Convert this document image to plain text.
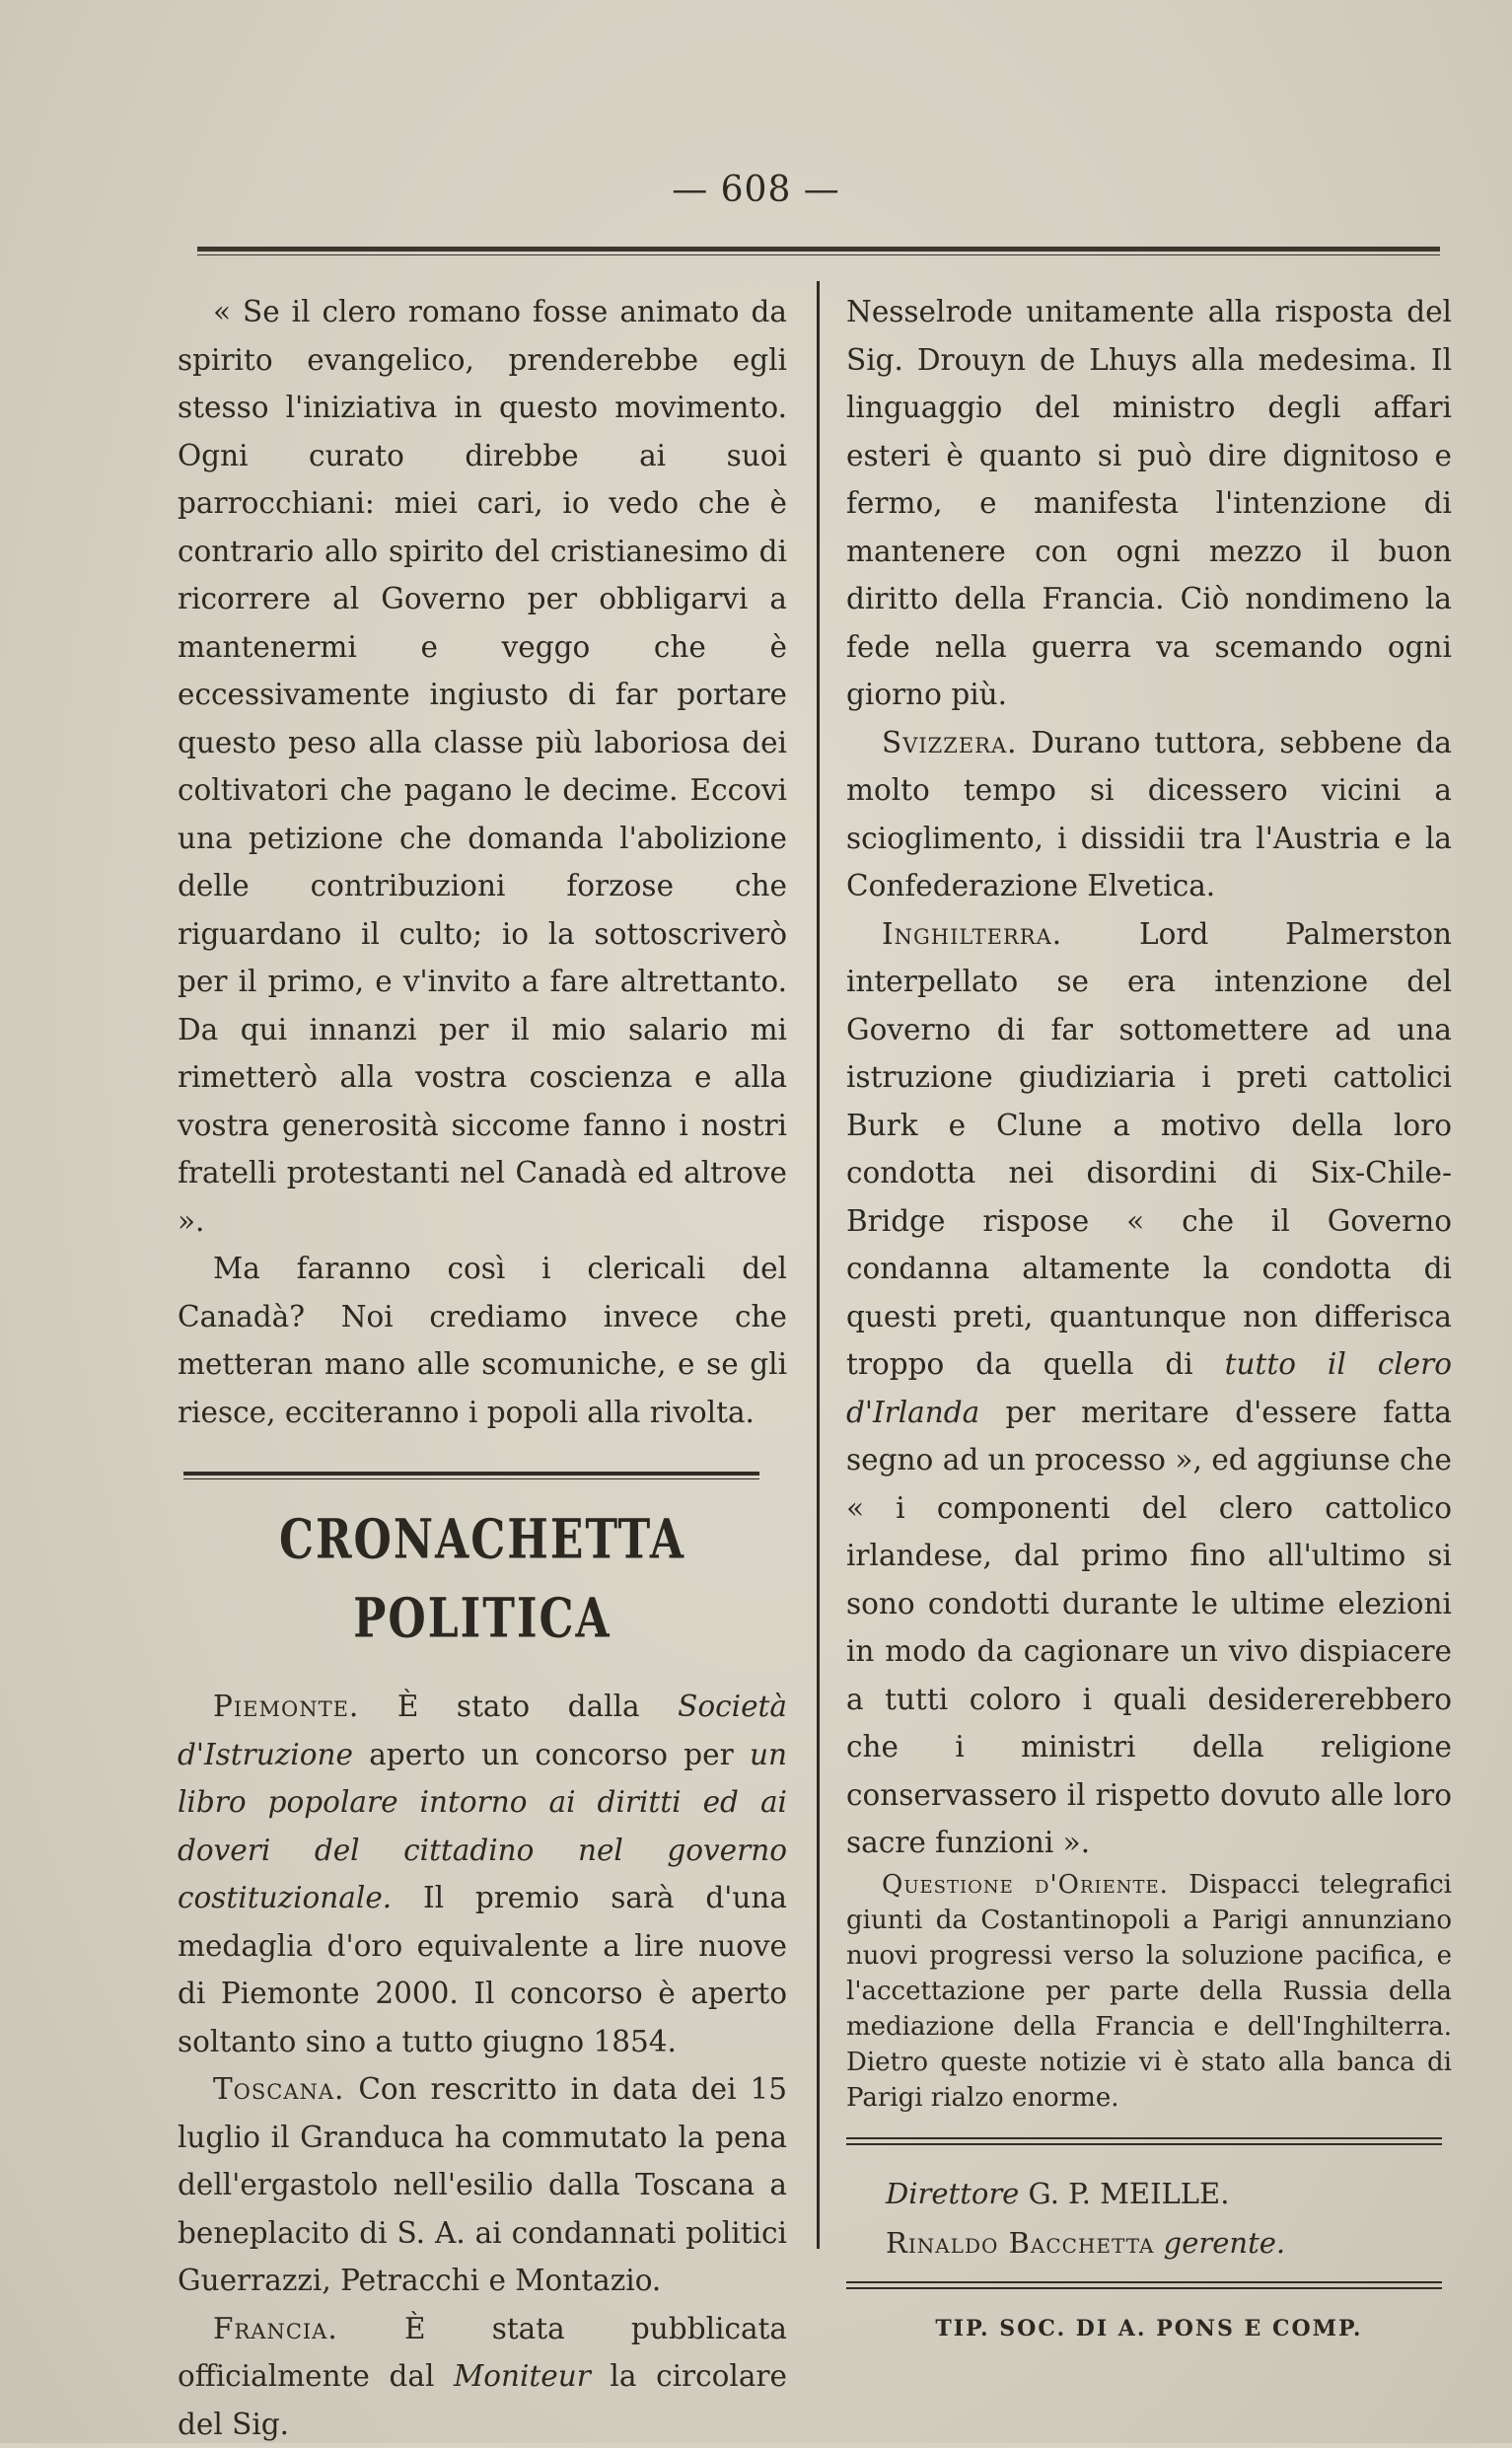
— 608 —

« Se il clero romano fosse animato da spirito evangelico, prenderebbe egli stesso l'iniziativa in questo movimento. Ogni curato direbbe ai suoi parrocchiani: miei cari, io vedo che è contrario allo spirito del cristianesimo di ricorrere al Governo per obbligarvi a mantenermi e veggo che è eccessivamente ingiusto di far portare questo peso alla classe più laboriosa dei coltivatori che pagano le decime. Eccovi una petizione che domanda l'abolizione delle contribuzioni forzose che riguardano il culto; io la sottoscriverò per il primo, e v'invito a fare altrettanto. Da qui innanzi per il mio salario mi rimetterò alla vostra coscienza e alla vostra generosità siccome fanno i nostri fratelli protestanti nel Canadà ed altrove ».

Ma faranno così i clericali del Canadà? Noi crediamo invece che metteran mano alle scomuniche, e se gli riesce, ecciteranno i popoli alla rivolta.

CRONACHETTA POLITICA

Piemonte. È stato dalla Società d'Istruzione aperto un concorso per un libro popolare intorno ai diritti ed ai doveri del cittadino nel governo costituzionale. Il premio sarà d'una medaglia d'oro equivalente a lire nuove di Piemonte 2000. Il concorso è aperto soltanto sino a tutto giugno 1854.

Toscana. Con rescritto in data dei 15 luglio il Granduca ha commutato la pena dell'ergastolo nell'esilio dalla Toscana a beneplacito di S. A. ai condannati politici Guerrazzi, Petracchi e Montazio.

Francia. È stata pubblicata officialmente dal Moniteur la circolare del Sig.

Nesselrode unitamente alla risposta del Sig. Drouyn de Lhuys alla medesima. Il linguaggio del ministro degli affari esteri è quanto si può dire dignitoso e fermo, e manifesta l'intenzione di mantenere con ogni mezzo il buon diritto della Francia. Ciò nondimeno la fede nella guerra va scemando ogni giorno più.

Svizzera. Durano tuttora, sebbene da molto tempo si dicessero vicini a scioglimento, i dissidii tra l'Austria e la Confederazione Elvetica.

Inghilterra. Lord Palmerston interpellato se era intenzione del Governo di far sottomettere ad una istruzione giudiziaria i preti cattolici Burk e Clune a motivo della loro condotta nei disordini di Six-Chile-Bridge rispose « che il Governo condanna altamente la condotta di questi preti, quantunque non differisca troppo da quella di tutto il clero d'Irlanda per meritare d'essere fatta segno ad un processo », ed aggiunse che « i componenti del clero cattolico irlandese, dal primo fino all'ultimo si sono condotti durante le ultime elezioni in modo da cagionare un vivo dispiacere a tutti coloro i quali desidererebbero che i ministri della religione conservassero il rispetto dovuto alle loro sacre funzioni ».

Questione d'Oriente. Dispacci telegrafici giunti da Costantinopoli a Parigi annunziano nuovi progressi verso la soluzione pacifica, e l'accettazione per parte della Russia della mediazione della Francia e dell'Inghilterra. Dietro queste notizie vi è stato alla banca di Parigi rialzo enorme.

Direttore G. P. MEILLE.
Rinaldo Bacchetta gerente.
TIP. SOC. DI A. PONS E COMP.
